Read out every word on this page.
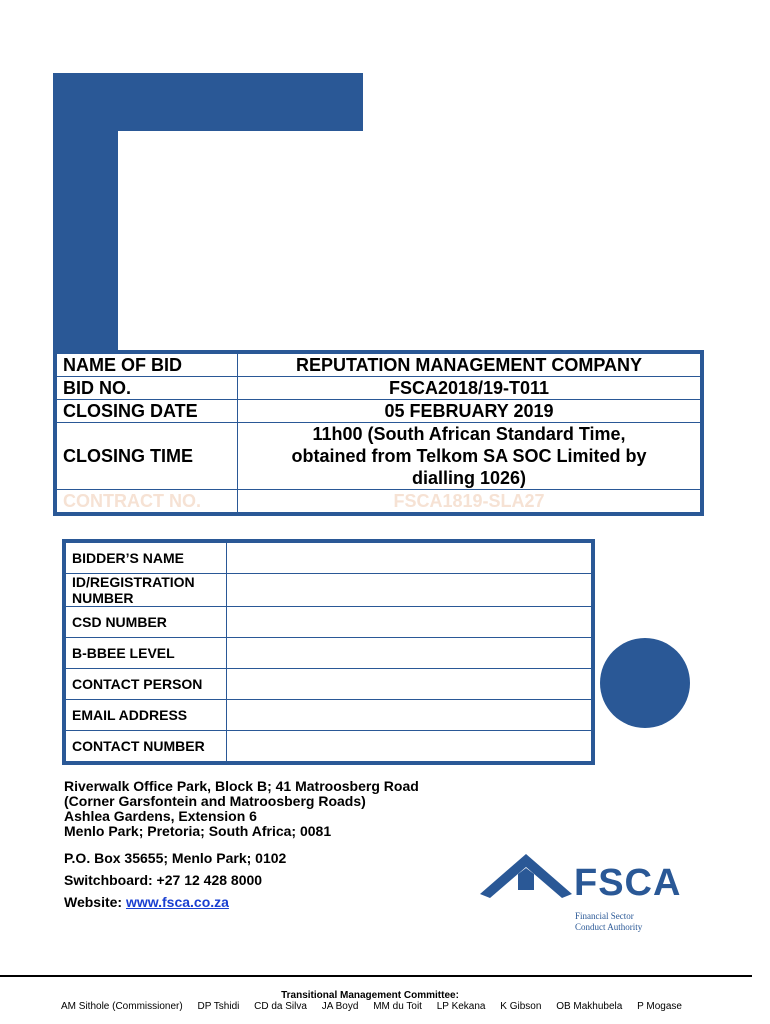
NAME OF BID	REPUTATION MANAGEMENT COMPANY
BID NO.	FSCA2018/19-T011
CLOSING DATE	05 FEBRUARY 2019
CLOSING TIME	11h00 (South African Standard Time,
obtained from Telkom SA SOC Limited by
dialling 1026)

CONTRACT NO.	FSCA1819-SLA27
BIDDER’S NAME	

ID/REGISTRATION
NUMBER	

CSD NUMBER	
B-BBEE LEVEL	
CONTACT PERSON	
EMAIL ADDRESS	
CONTACT NUMBER	
Riverwalk Office Park, Block B; 41 Matroosberg Road
(Corner Garsfontein and Matroosberg Roads)
Ashlea Gardens, Extension 6
Menlo Park; Pretoria; South Africa; 0081
P.O. Box 35655; Menlo Park; 0102
Switchboard: +27 12 428 8000
Website: www.fsca.co.za	FSCA
Financial Sector
Conduct Authority
Transitional Management Committee:
AM Sithole (Commissioner) DP Tshidi CD da Silva JA Boyd MM du Toit LP Kekana K Gibson OB Makhubela P Mogase
